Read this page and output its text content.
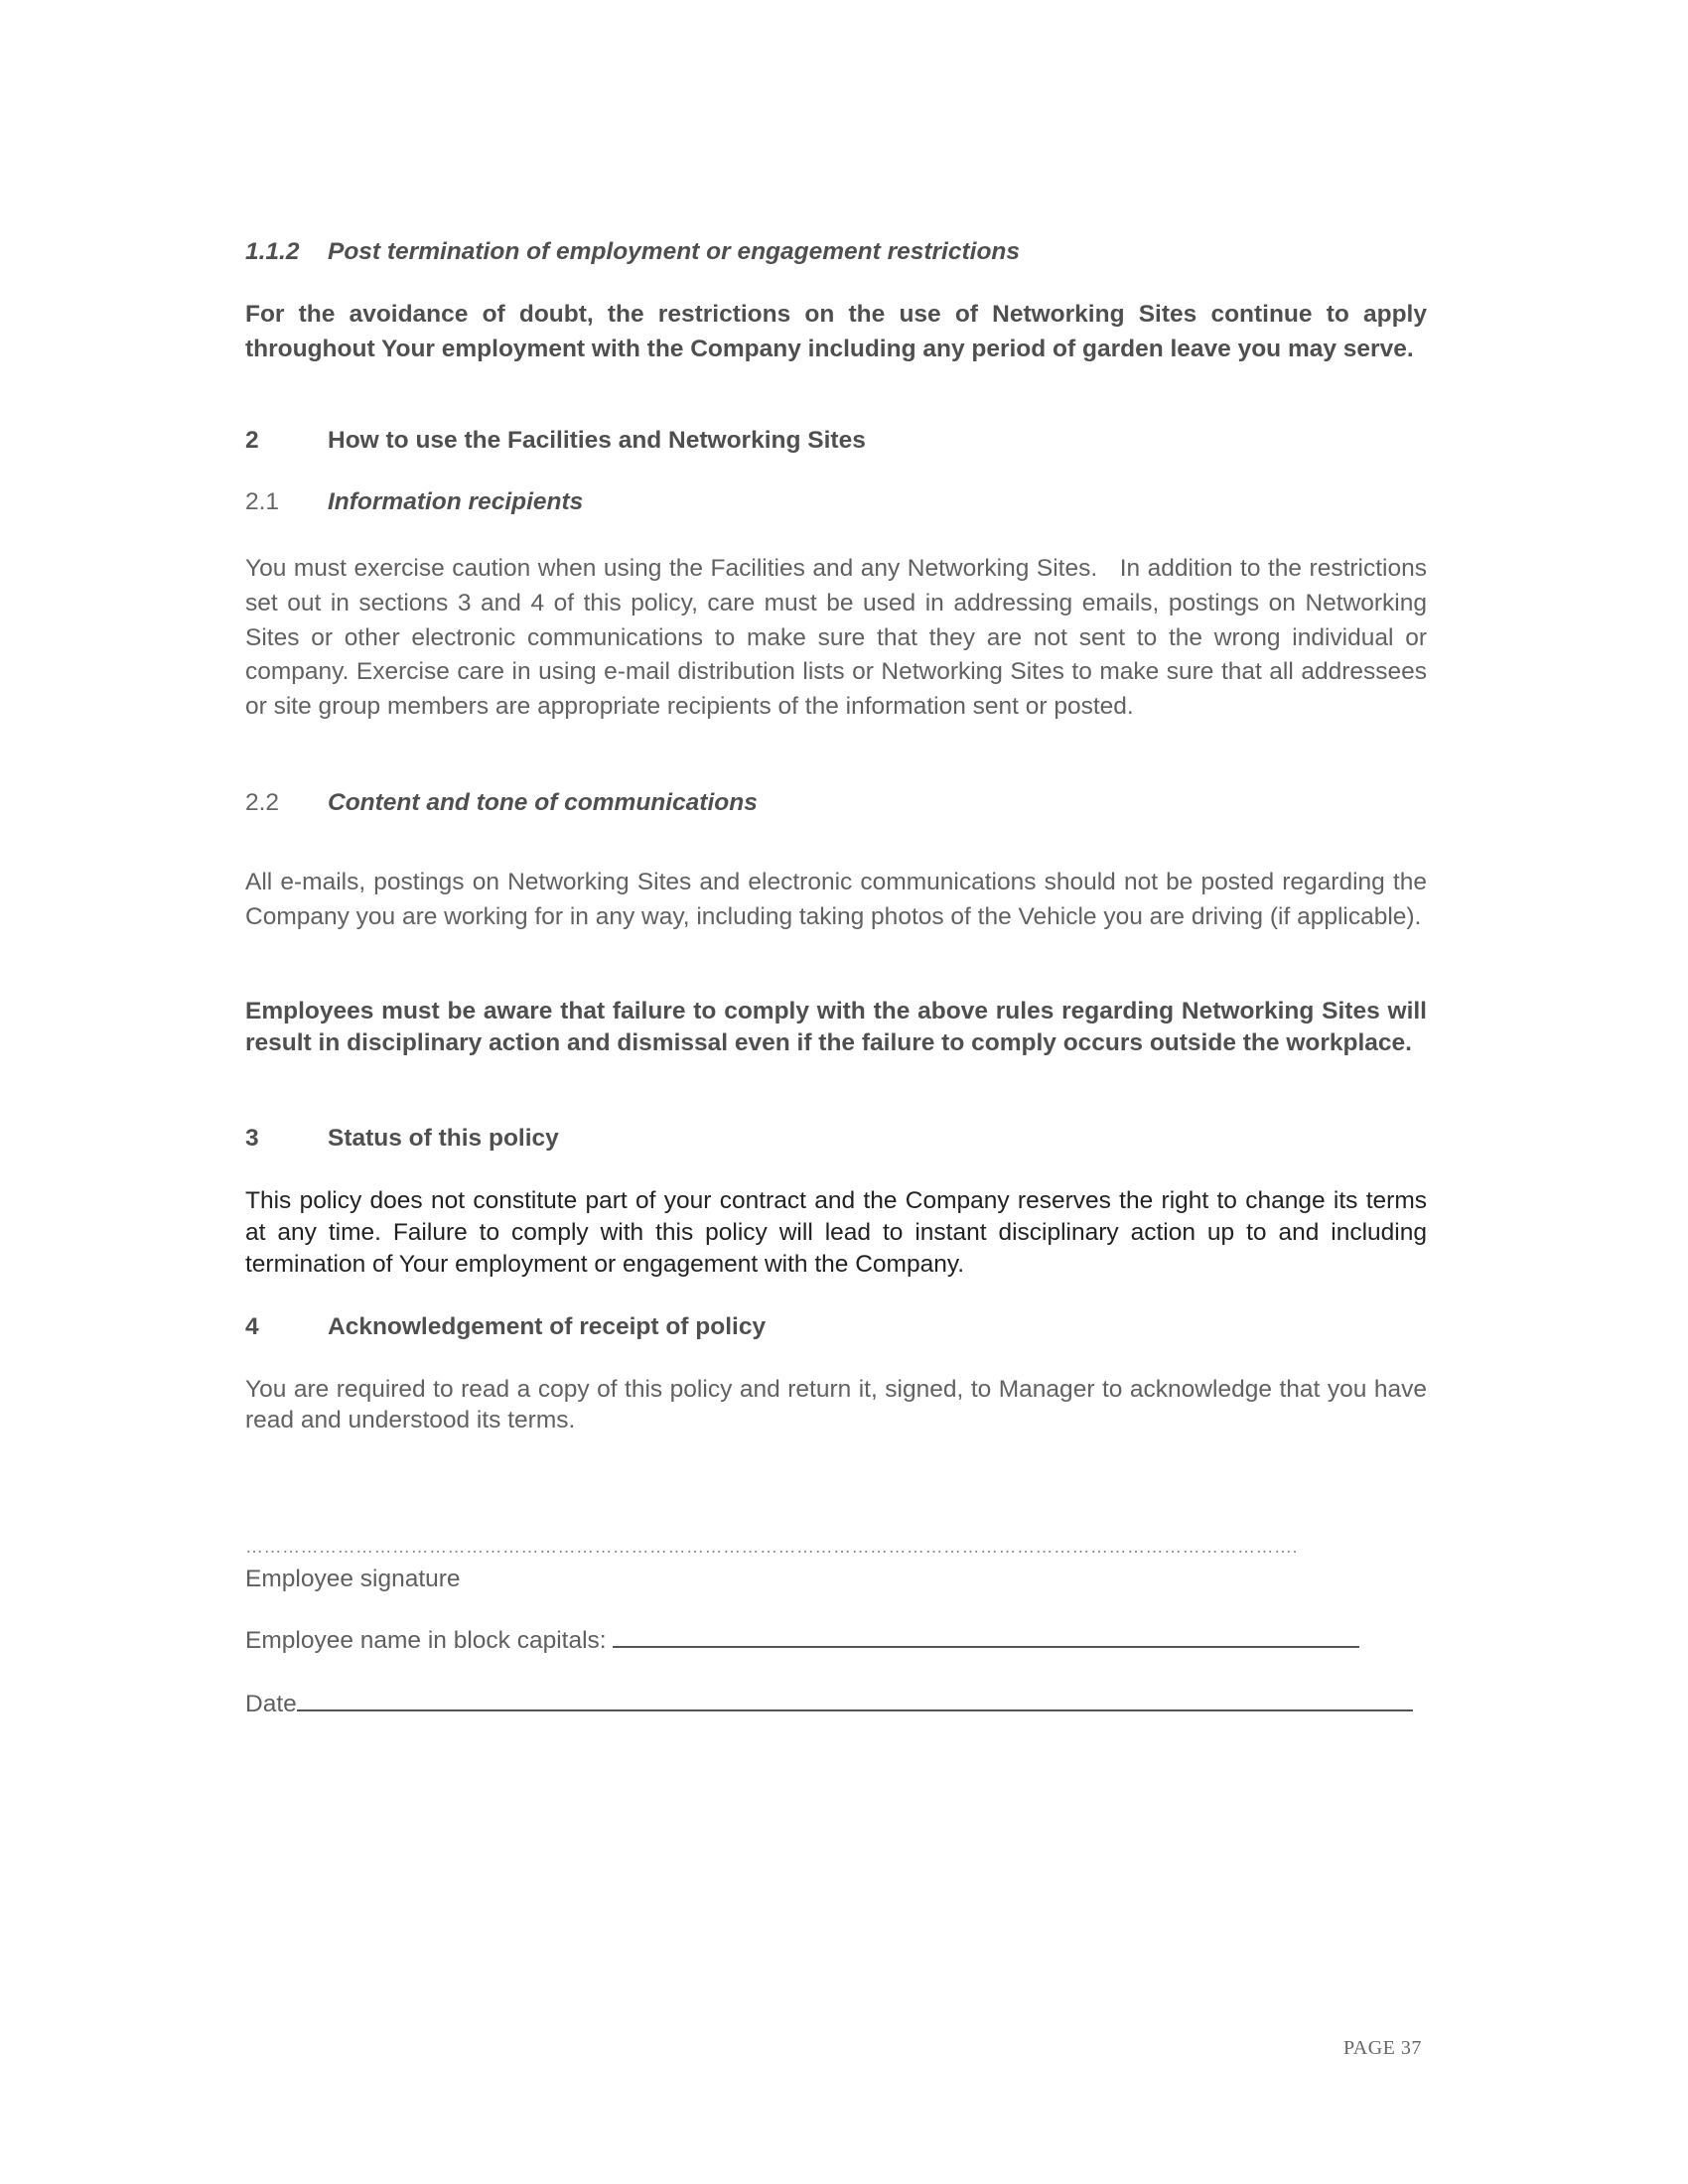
1.1.2 Post termination of employment or engagement restrictions

For the avoidance of doubt, the restrictions on the use of Networking Sites continue to apply throughout Your employment with the Company including any period of garden leave you may serve.

2	How to use the Facilities and Networking Sites
2.1 Information recipients

You must exercise caution when using the Facilities and any Networking Sites.   In addition to the restrictions set out in sections 3 and 4 of this policy, care must be used in addressing emails, postings on Networking Sites or other electronic communications to make sure that they are not sent to the wrong individual or company. Exercise care in using e-mail distribution lists or Networking Sites to make sure that all addressees or site group members are appropriate recipients of the information sent or posted.

2.2 Content and tone of communications

All e-mails, postings on Networking Sites and electronic communications should not be posted regarding the Company you are working for in any way, including taking photos of the Vehicle you are driving (if applicable).

Employees must be aware that failure to comply with the above rules regarding Networking Sites will result in disciplinary action and dismissal even if the failure to comply occurs outside the workplace.

3	Status of this policy

This policy does not constitute part of your contract and the Company reserves the right to change its terms at any time. Failure to comply with this policy will lead to instant disciplinary action up to and including termination of Your employment or engagement with the Company.

4	Acknowledgement of receipt of policy

You are required to read a copy of this policy and return it, signed, to Manager to acknowledge that you have read and understood its terms.

……………………………………………………………………………………………………………………………………………………….
Employee signature
Employee name in block capitals:
Date
PAGE 37
